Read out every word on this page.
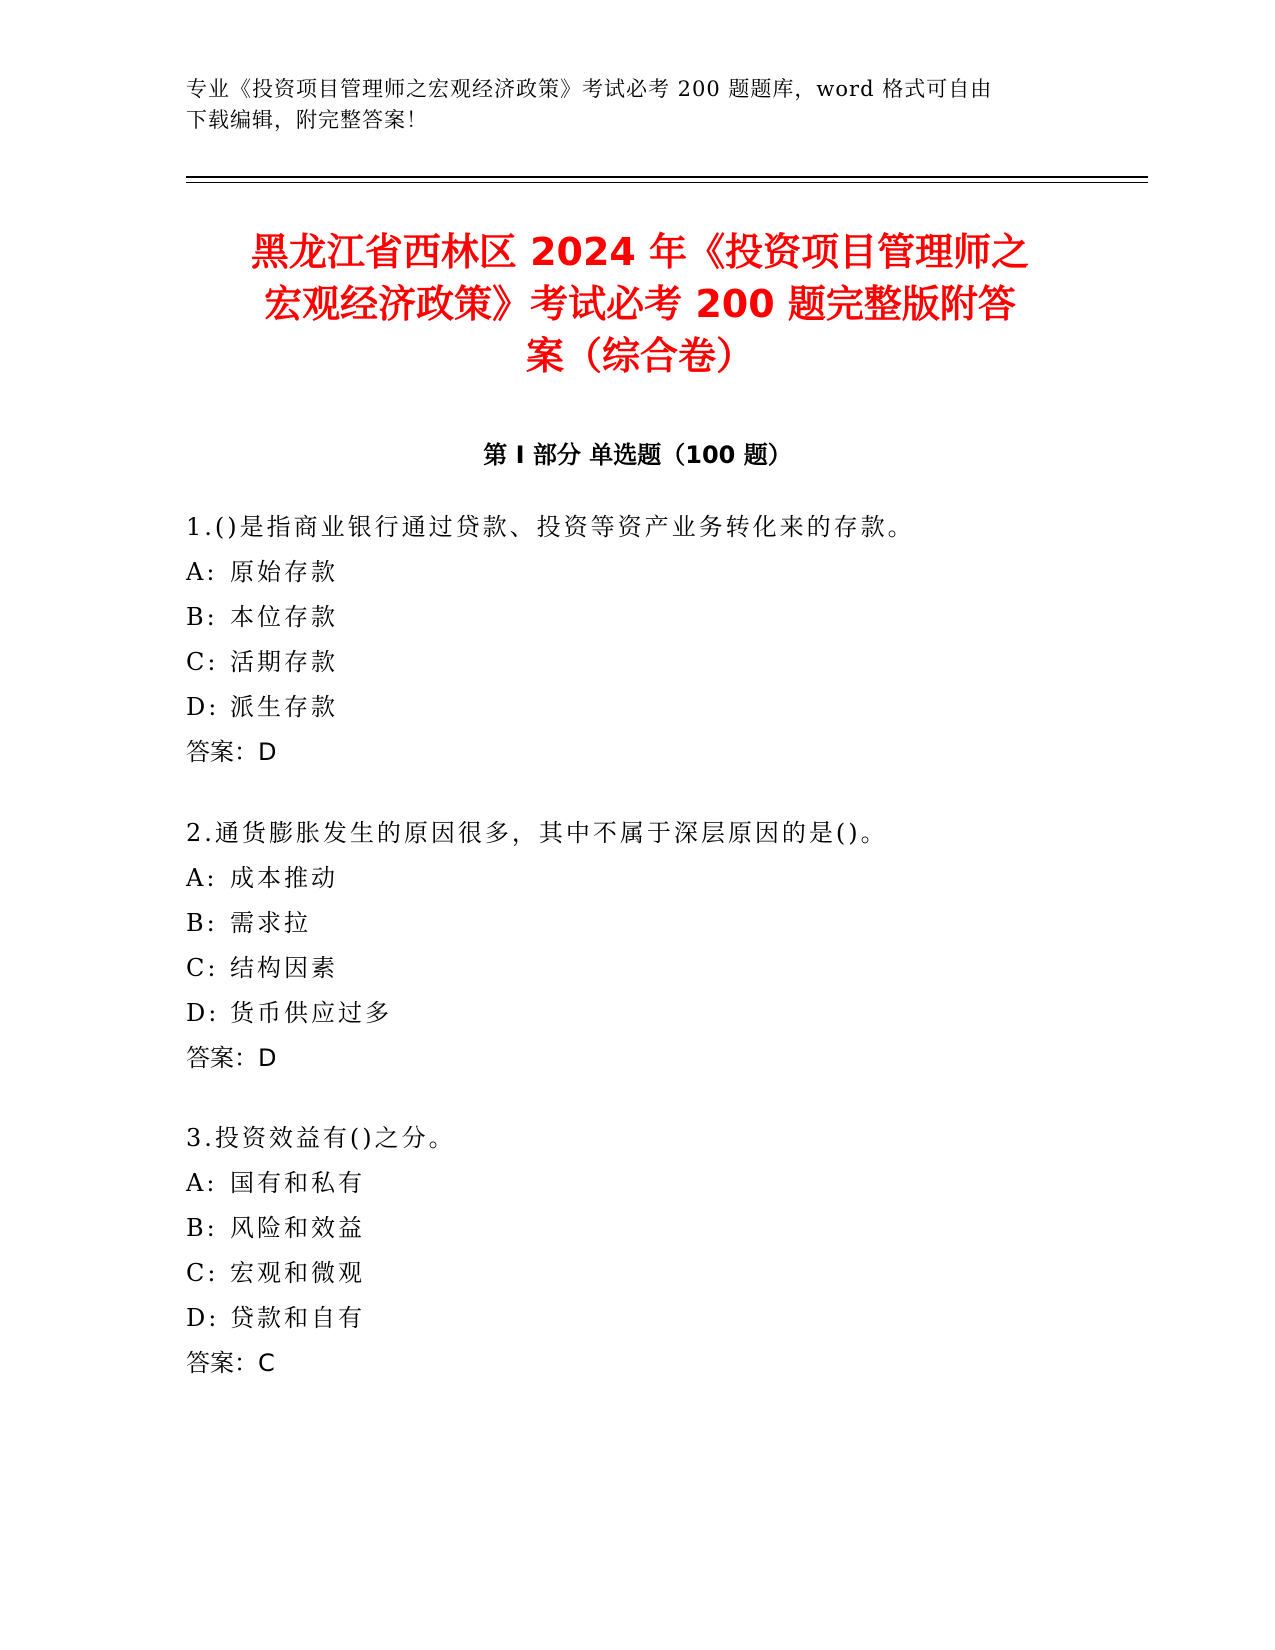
专业《投资项目管理师之宏观经济政策》考试必考 200 题题库，word 格式可自由
下载编辑，附完整答案！
黑龙江省西林区 2024 年《投资项目管理师之
宏观经济政策》考试必考 200 题完整版附答
案（综合卷）
第 I 部分 单选题（100 题）
1.()是指商业银行通过贷款、投资等资产业务转化来的存款。
A: 原始存款
B: 本位存款
C: 活期存款
D: 派生存款
答案：D
2.通货膨胀发生的原因很多，其中不属于深层原因的是()。
A: 成本推动
B: 需求拉
C: 结构因素
D: 货币供应过多
答案：D
3.投资效益有()之分。
A: 国有和私有
B: 风险和效益
C: 宏观和微观
D: 贷款和自有
答案：C
